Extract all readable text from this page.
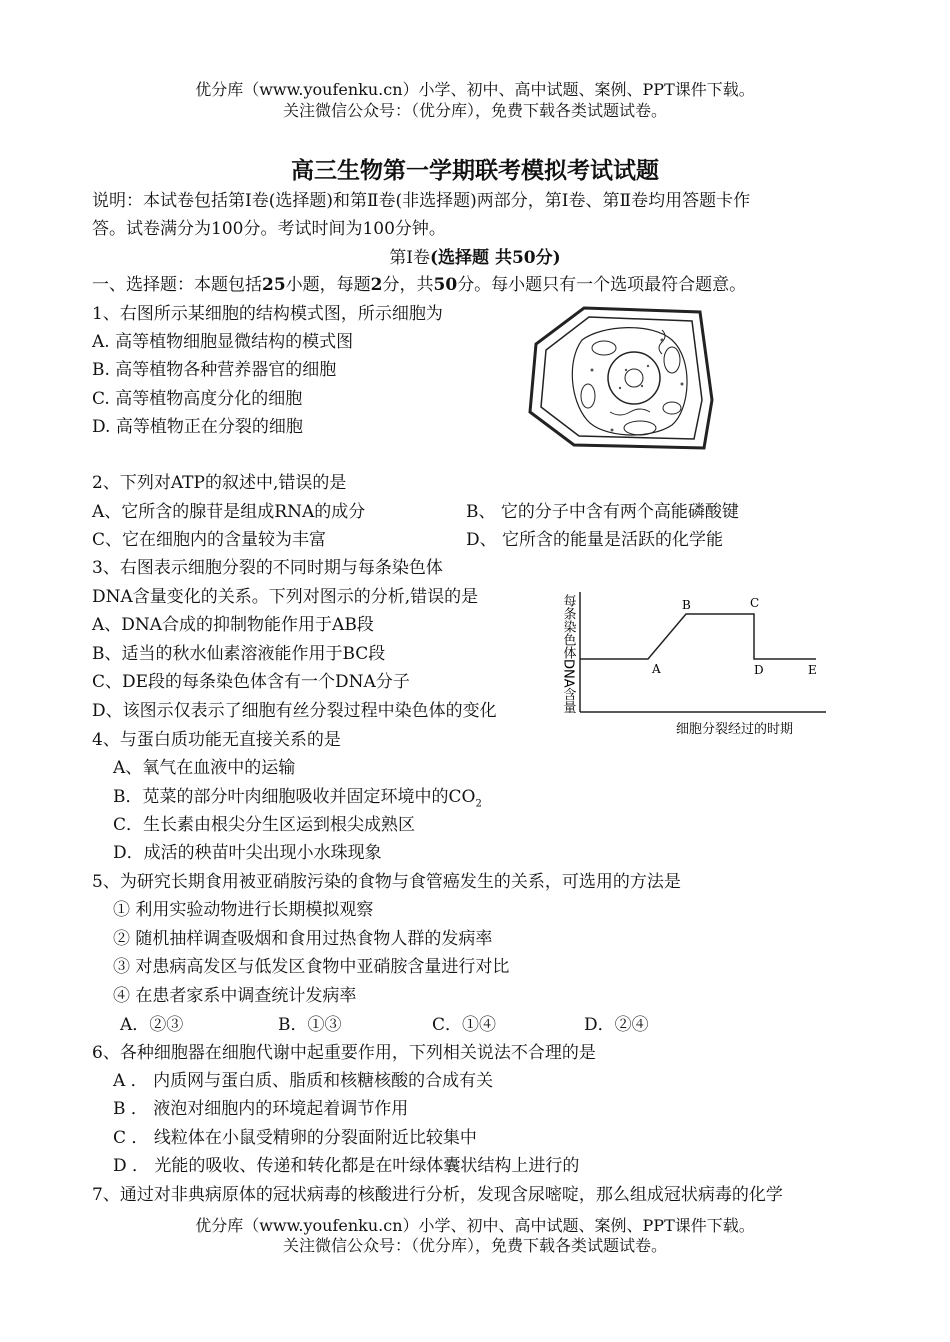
优分库（www.youfenku.cn）小学、初中、高中试题、案例、PPT课件下载。
关注微信公众号：（优分库），免费下载各类试题试卷。
高三生物第一学期联考模拟考试试题
说明：本试卷包括第Ⅰ卷(选择题)和第Ⅱ卷(非选择题)两部分，第Ⅰ卷、第Ⅱ卷均用答题卡作
答。试卷满分为100分。考试时间为100分钟。
第Ⅰ卷(选择题 共50分)
一、选择题：本题包括25小题，每题2分，共50分。每小题只有一个选项最符合题意。
1、右图所示某细胞的结构模式图，所示细胞为
A. 高等植物细胞显微结构的模式图
B. 高等植物各种营养器官的细胞
C. 高等植物高度分化的细胞
D. 高等植物正在分裂的细胞
2、下列对ATP的叙述中,错误的是
A、它所含的腺苷是组成RNA的成分	B、 它的分子中含有两个高能磷酸键
C、它在细胞内的含量较为丰富	D、 它所含的能量是活跃的化学能
3、右图表示细胞分裂的不同时期与每条染色体
DNA含量变化的关系。下列对图示的分析,错误的是
A、DNA合成的抑制物能作用于AB段
B、适当的秋水仙素溶液能作用于BC段
C、DE段的每条染色体含有一个DNA分子
D、该图示仅表示了细胞有丝分裂过程中染色体的变化	每条染色体DNA含量	A
B	C
D	E
细胞分裂经过的时期
4、与蛋白质功能无直接关系的是
A、氧气在血液中的运输
B．苋菜的部分叶肉细胞吸收并固定环境中的$CO_2$
C．生长素由根尖分生区运到根尖成熟区
D．成活的秧苗叶尖出现小水珠现象
5、为研究长期食用被亚硝胺污染的食物与食管癌发生的关系，可选用的方法是
① 利用实验动物进行长期模拟观察
② 随机抽样调查吸烟和食用过热食物人群的发病率
③ 对患病高发区与低发区食物中亚硝胺含量进行对比
④ 在患者家系中调查统计发病率
A．②③	B．①③	C．①④	D．②④
6、各种细胞器在细胞代谢中起重要作用，下列相关说法不合理的是
A ． 内质网与蛋白质、脂质和核糖核酸的合成有关
B ． 液泡对细胞内的环境起着调节作用
C ． 线粒体在小鼠受精卵的分裂面附近比较集中
D ． 光能的吸收、传递和转化都是在叶绿体囊状结构上进行的
7、通过对非典病原体的冠状病毒的核酸进行分析，发现含尿嘧啶，那么组成冠状病毒的化学
优分库（www.youfenku.cn）小学、初中、高中试题、案例、PPT课件下载。
关注微信公众号：（优分库），免费下载各类试题试卷。
